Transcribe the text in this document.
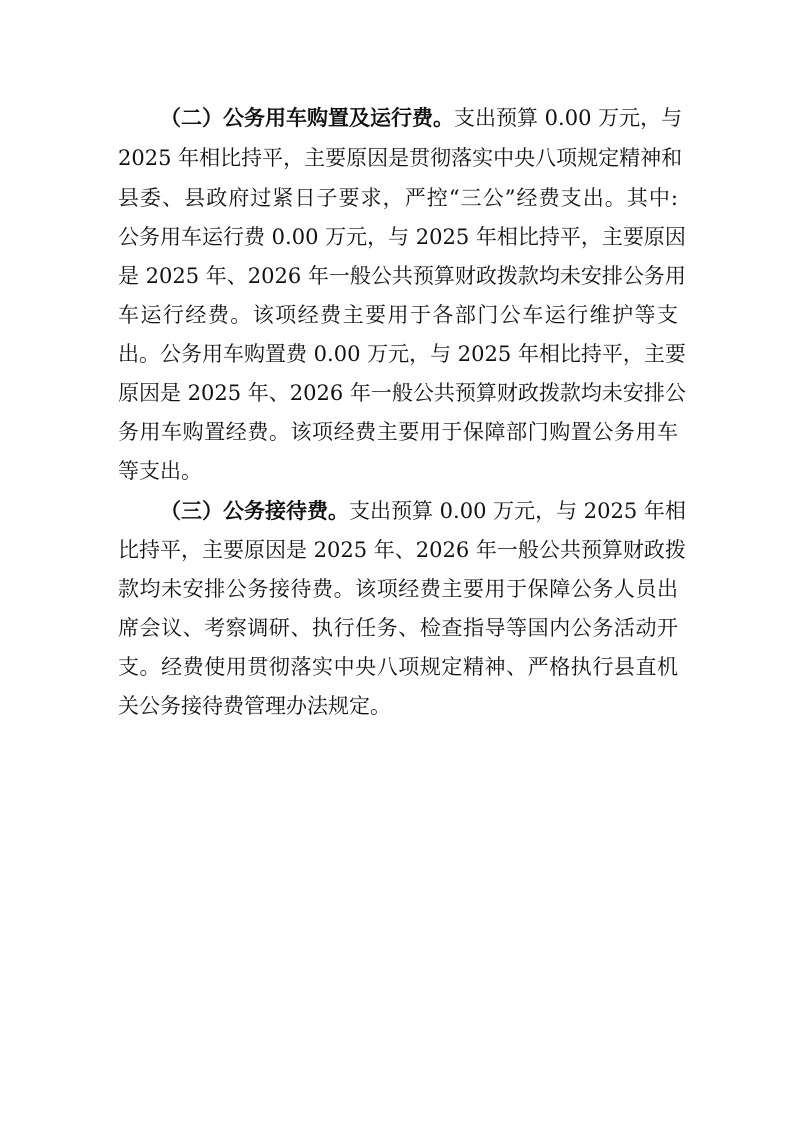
（二）公务用车购置及运行费。支出预算 0.00 万元，与
2025 年相比持平，主要原因是贯彻落实中央八项规定精神和
县委、县政府过紧日子要求，严控“三公”经费支出。其中:
公务用车运行费 0.00 万元，与 2025 年相比持平，主要原因
是 2025 年、2026 年一般公共预算财政拨款均未安排公务用
车运行经费。该项经费主要用于各部门公车运行维护等支
出。公务用车购置费 0.00 万元，与 2025 年相比持平，主要
原因是 2025 年、2026 年一般公共预算财政拨款均未安排公
务用车购置经费。该项经费主要用于保障部门购置公务用车
等支出。
（三）公务接待费。支出预算 0.00 万元，与 2025 年相
比持平，主要原因是 2025 年、2026 年一般公共预算财政拨
款均未安排公务接待费。该项经费主要用于保障公务人员出
席会议、考察调研、执行任务、检查指导等国内公务活动开
支。经费使用贯彻落实中央八项规定精神、严格执行县直机
关公务接待费管理办法规定。
